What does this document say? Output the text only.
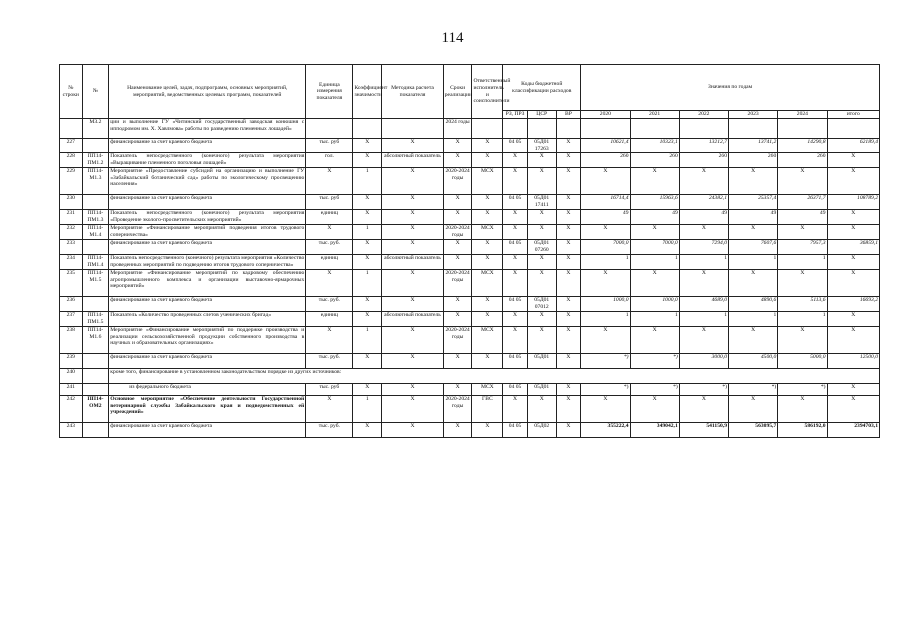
114
№ строки	№	Наименование целей, задач, подпрограмм, основных мероприятий, мероприятий, ведомственных целевых программ, показателей	Единица измерения показателя	Коэффициент значимости	Методика расчета показателя	Сроки реализации	Ответственный исполнитель и соисполнители	Коды бюджетной классификации расходов			Значения по годам					
								РЗ, ПРЗ	ЦСР	ВР	2020	2021	2022	2023	2024	итого
	МЗ.2	ции и выполнение ГУ «Читинский государственный заводская конюшня с ипподромом им. Х. Хавлмова» работы по разведению племенных лошадей»				2024 годы										
227		финансирование за счет краевого бюджета	тыс. руб	Х	Х	Х	Х	04 05	05Д01 17263	Х	10621,4	10323,1	13212,7	13741,2	14290,8	62189,4
228	ПП14-ПМ1.2	Показатель непосредственного (конечного) результата мероприятия «Выращивание племенного поголовья лошадей»	гол.	Х	абсолютный показатель	Х	Х	Х	Х	Х	260	260	260	260	260	Х
229	ПП14-М1.3	Мероприятие «Предоставление субсидий на организацию и выполнение ГУ «Забайкальский ботанический сад» работы по экологическому просвещению населения»	Х	1	Х	2020-2024 годы	МСХ	Х	Х	Х	Х	Х	Х	Х	Х	Х
230		финансирование за счет краевого бюджета	тыс. руб	Х	Х	Х	Х	04 05	05Д01 17411	Х	16714,4	15963,6	24382,1	25357,4	26371,7	108789,2
231	ПП14-ПМ1.3	Показатель непосредственного (конечного) результата мероприятия «Проведение эколого-просветительских мероприятий»	единиц	Х	Х	Х	Х	Х	Х	Х	49	49	49	49	49	Х
232	ПП14-М1.4	Мероприятие «Финансирование мероприятий подведения итогов трудового соперничества»	Х	1	Х	2020-2024 годы	МСХ	Х	Х	Х	Х	Х	Х	Х	Х	Х
233		финансирование за счет краевого бюджета	тыс. руб.	Х	Х	Х	Х	04 05	05Д01 07260	Х	7000,0	7000,0	7294,0	7607,6	7957,3	36859,1
234	ПП14-ПМ1.4	Показатель непосредственного (конечного) результата мероприятия «Количество проведенных мероприятий по подведению итогов трудового соперничества»	единиц	Х	абсолютный показатель	Х	Х	Х	Х	Х	1	1	1	1	1	Х
235	ПП14-М1.5	Мероприятие «Финансирование мероприятий по кадровому обеспечению агропромышленного комплекса и организации выставочно-ярмарочных мероприятий»	Х	1	Х	2020-2024 годы	МСХ	Х	Х	Х	Х	Х	Х	Х	Х	Х
236		финансирование за счет краевого бюджета	тыс. руб.	Х	Х	Х	Х	04 05	05Д01 07012	Х	1000,0	1000,0	4689,0	4890,6	5113,6	16693,2
237	ПП14-ПМ1.5	Показатель «Количество проведенных слетов ученических бригад»	единиц	Х	абсолютный показатель	Х	Х	Х	Х	Х	1	1	1	1	1	Х
238	ПП14-М1.6	Мероприятие «Финансирование мероприятий по поддержке производства и реализации сельскохозяйственной продукции собственного производства в научных и образовательных организациях»	Х	1	Х	2020-2024 годы	МСХ	Х	Х	Х	Х	Х	Х	Х	Х	Х
239		финансирование за счет краевого бюджета	тыс. руб.	Х	Х	Х	Х	04 05	05Д01	Х	*)	*)	3000,0	4500,0	5000,0	12500,0
240		кроме того, финансирование в установленном законодательством порядке из других источников:														
241		из федерального бюджета	тыс. руб	Х	Х	Х	МСХ	04 05	05Д01	Х	*)	*)	*)	*)	*)	Х
242	ПП14-ОМ2	Основное мероприятие «Обеспечение деятельности Государственной ветеринарной службы Забайкальского края и подведомственных ей учреждений»	Х	1	Х	2020-2024 годы	ГВС	Х	Х	Х	Х	Х	Х	Х	Х	Х
243		финансирование за счет краевого бюджета	тыс. руб.	Х	Х	Х	Х	04 05	05Д02	Х	355222,4	349042,1	541150,9	563095,7	586192,0	2394703,1
